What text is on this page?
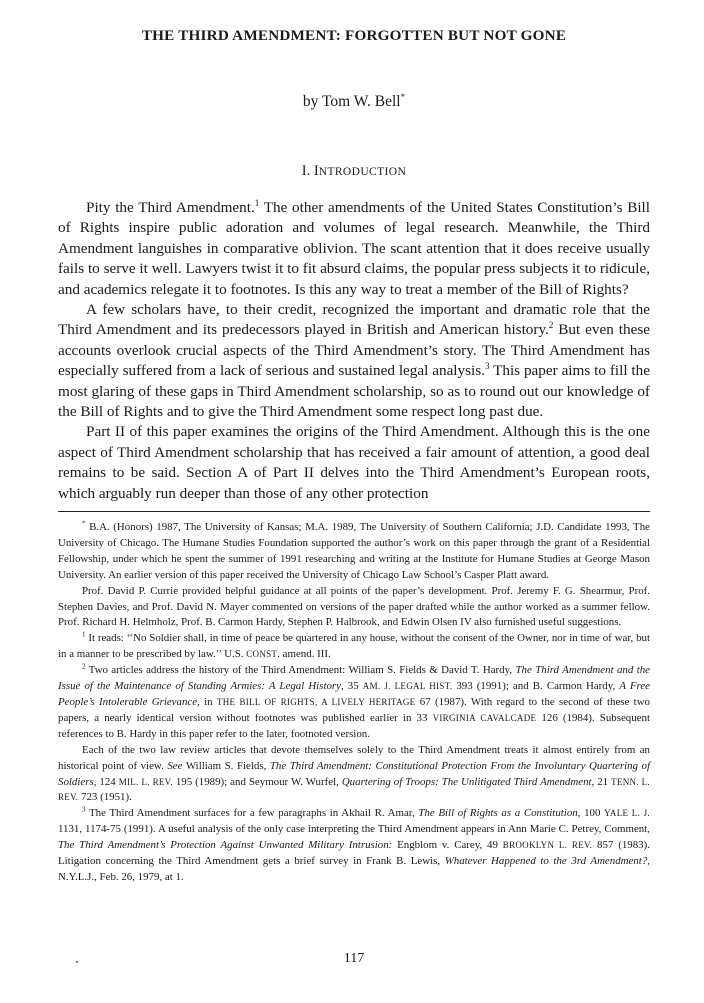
THE THIRD AMENDMENT: FORGOTTEN BUT NOT GONE
by Tom W. Bell*
I. INTRODUCTION

Pity the Third Amendment.$^1$ The other amendments of the United States Constitution’s Bill of Rights inspire public adoration and volumes of legal research. Meanwhile, the Third Amendment languishes in comparative oblivion. The scant attention that it does receive usually fails to serve it well. Lawyers twist it to fit absurd claims, the popular press subjects it to ridicule, and academics relegate it to footnotes. Is this any way to treat a member of the Bill of Rights?

A few scholars have, to their credit, recognized the important and dramatic role that the Third Amendment and its predecessors played in British and American history.$^2$ But even these accounts overlook crucial aspects of the Third Amendment’s story. The Third Amendment has especially suffered from a lack of serious and sustained legal analysis.$^3$ This paper aims to fill the most glaring of these gaps in Third Amendment scholarship, so as to round out our knowledge of the Bill of Rights and to give the Third Amendment some respect long past due.

Part II of this paper examines the origins of the Third Amendment. Although this is the one aspect of Third Amendment scholarship that has received a fair amount of attention, a good deal remains to be said. Section A of Part II delves into the Third Amendment’s European roots, which arguably run deeper than those of any other protection

* B.A. (Honors) 1987, The University of Kansas; M.A. 1989, The University of Southern California; J.D. Candidate 1993, The University of Chicago. The Humane Studies Foundation supported the author’s work on this paper through the grant of a Residential Fellowship, under which he spent the summer of 1991 researching and writing at the Institute for Humane Studies at George Mason University. An earlier version of this paper received the University of Chicago Law School’s Casper Platt award.

Prof. David P. Currie provided helpful guidance at all points of the paper’s development. Prof. Jeremy F. G. Shearmur, Prof. Stephen Davies, and Prof. David N. Mayer commented on versions of the paper drafted while the author worked as a summer fellow. Prof. Richard H. Helmholz, Prof. B. Carmon Hardy, Stephen P. Halbrook, and Edwin Olsen IV also furnished useful suggestions.

$^1$ It reads: ‘‘No Soldier shall, in time of peace be quartered in any house, without the consent of the Owner, nor in time of war, but in a manner to be prescribed by law.’’ U.S. CONST. amend. III.

$^2$ Two articles address the history of the Third Amendment: William S. Fields & David T. Hardy, The Third Amendment and the Issue of the Maintenance of Standing Armies: A Legal History, 35 AM. J. LEGAL HIST. 393 (1991); and B. Carmon Hardy, A Free People’s Intolerable Grievance, in THE BILL OF RIGHTS, A LIVELY HERITAGE 67 (1987). With regard to the second of these two papers, a nearly identical version without footnotes was published earlier in 33 VIRGINIA CAVALCADE 126 (1984). Subsequent references to B. Hardy in this paper refer to the later, footnoted version.

Each of the two law review articles that devote themselves solely to the Third Amendment treats it almost entirely from an historical point of view. See William S. Fields, The Third Amendment: Constitutional Protection From the Involuntary Quartering of Soldiers, 124 MIL. L. REV. 195 (1989); and Seymour W. Wurfel, Quartering of Troops: The Unlitigated Third Amendment, 21 TENN. L. REV. 723 (1951).

$^3$ The Third Amendment surfaces for a few paragraphs in Akhail R. Amar, The Bill of Rights as a Constitution, 100 YALE L. J. 1131, 1174-75 (1991). A useful analysis of the only case interpreting the Third Amendment appears in Ann Marie C. Petrey, Comment, The Third Amendment’s Protection Against Unwanted Military Intrusion: Engblom v. Carey, 49 BROOKLYN L. REV. 857 (1983). Litigation concerning the Third Amendment gets a brief survey in Frank B. Lewis, Whatever Happened to the 3rd Amendment?, N.Y.L.J., Feb. 26, 1979, at 1.

117
